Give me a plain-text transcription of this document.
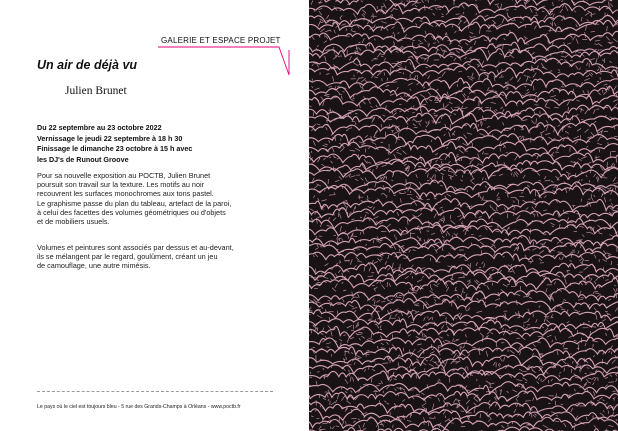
GALERIE ET ESPACE PROJET
Un air de déjà vu
Julien Brunet
Du 22 septembre au 23 octobre 2022
Vernissage le jeudi 22 septembre à 18 h 30
Finissage le dimanche 23 octobre à 15 h avec
les DJ's de Runout Groove
Pour sa nouvelle exposition au POCTB, Julien Brunet
poursuit son travail sur la texture. Les motifs au noir
recouvrent les surfaces monochromes aux tons pastel.
Le graphisme passe du plan du tableau, artefact de la paroi,
à celui des facettes des volumes géométriques ou d'objets
et de mobiliers usuels.
Volumes et peintures sont associés par dessus et au-devant,
ils se mélangent par le regard, goulûment, créant un jeu
de camouflage, une autre mimésis.
Le pays où le ciel est toujours bleu - 5 rue des Grands-Champs à Orléans - www.poctb.fr
